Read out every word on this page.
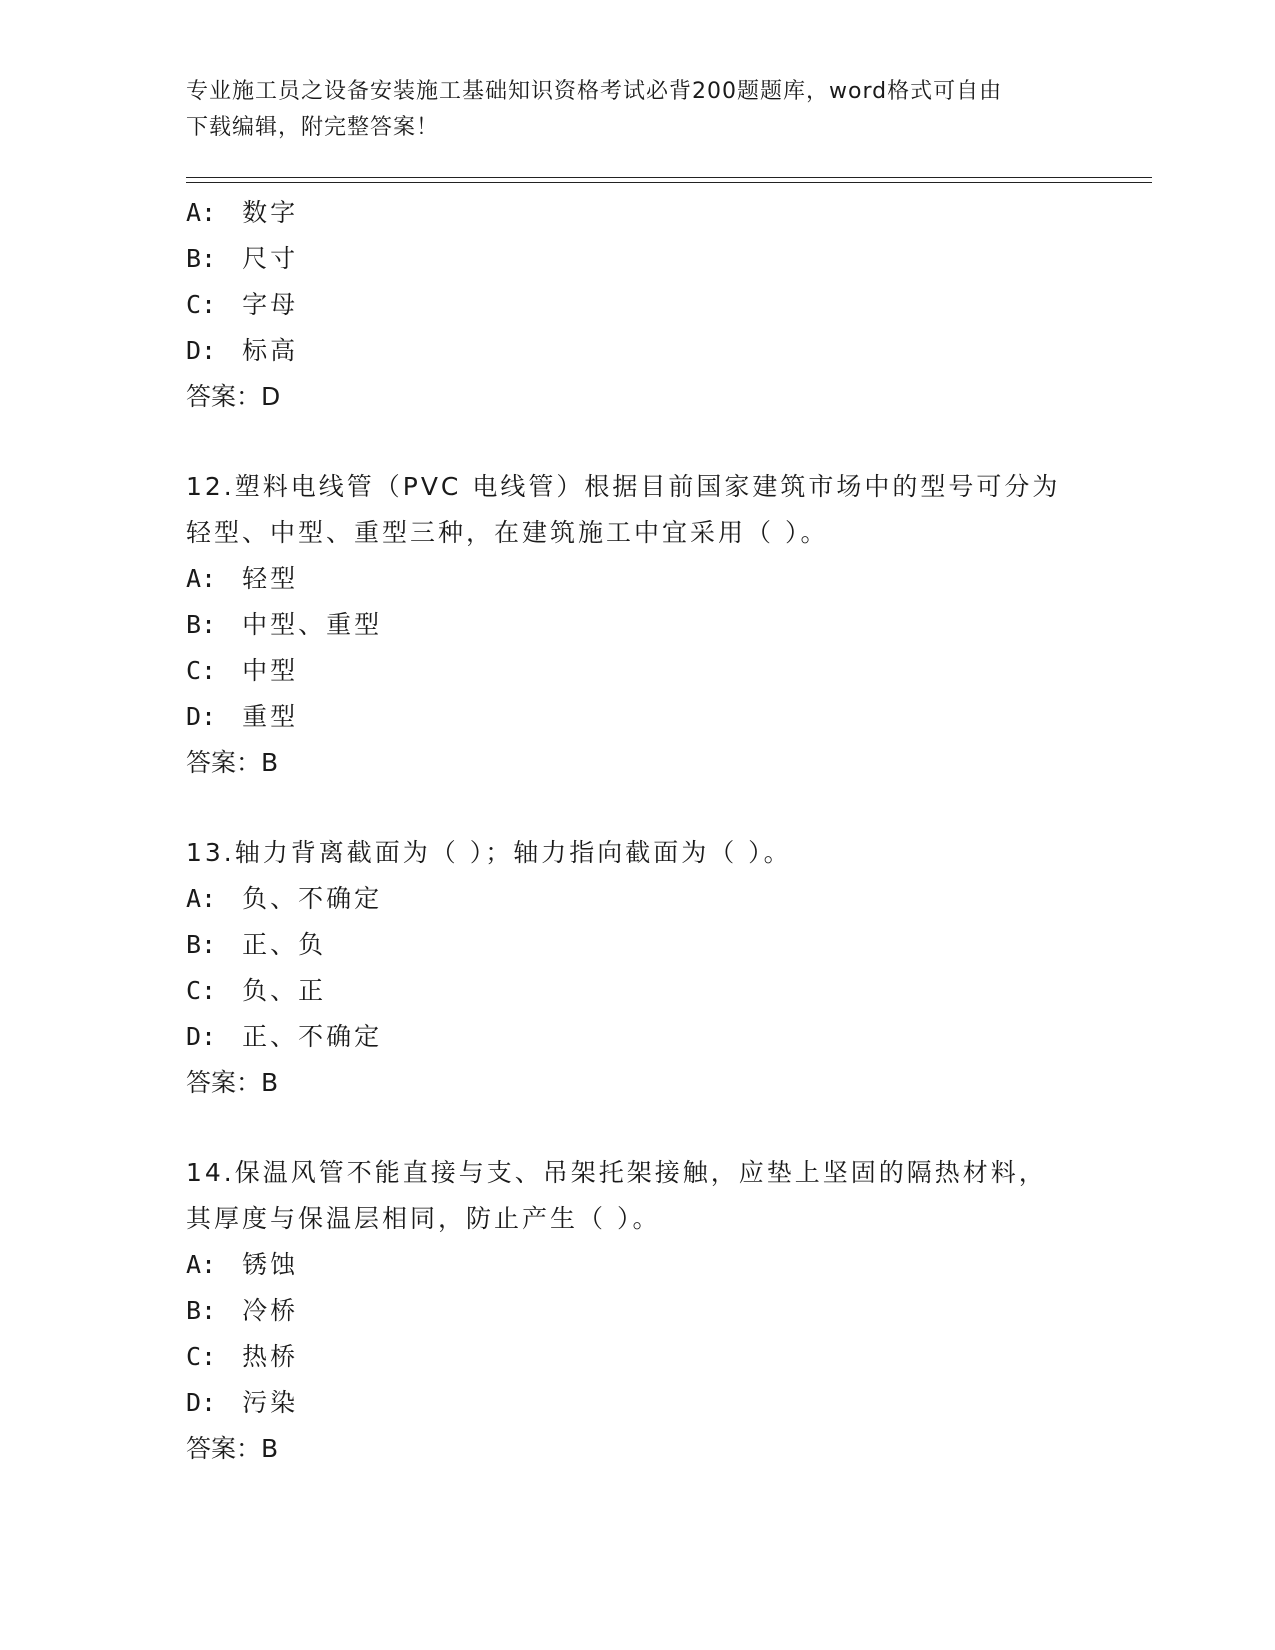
专业施工员之设备安装施工基础知识资格考试必背200题题库，word格式可自由
下载编辑，附完整答案！
A: 数字
B: 尺寸
C: 字母
D: 标高
答案：D
12.塑料电线管（PVC 电线管）根据目前国家建筑市场中的型号可分为
轻型、中型、重型三种，在建筑施工中宜采用（ ）。
A: 轻型
B: 中型、重型
C: 中型
D: 重型
答案：B
13.轴力背离截面为（ ）；轴力指向截面为（ ）。
A: 负、不确定
B: 正、负
C: 负、正
D: 正、不确定
答案：B
14.保温风管不能直接与支、吊架托架接触，应垫上坚固的隔热材料，
其厚度与保温层相同，防止产生（ ）。
A: 锈蚀
B: 冷桥
C: 热桥
D: 污染
答案：B
